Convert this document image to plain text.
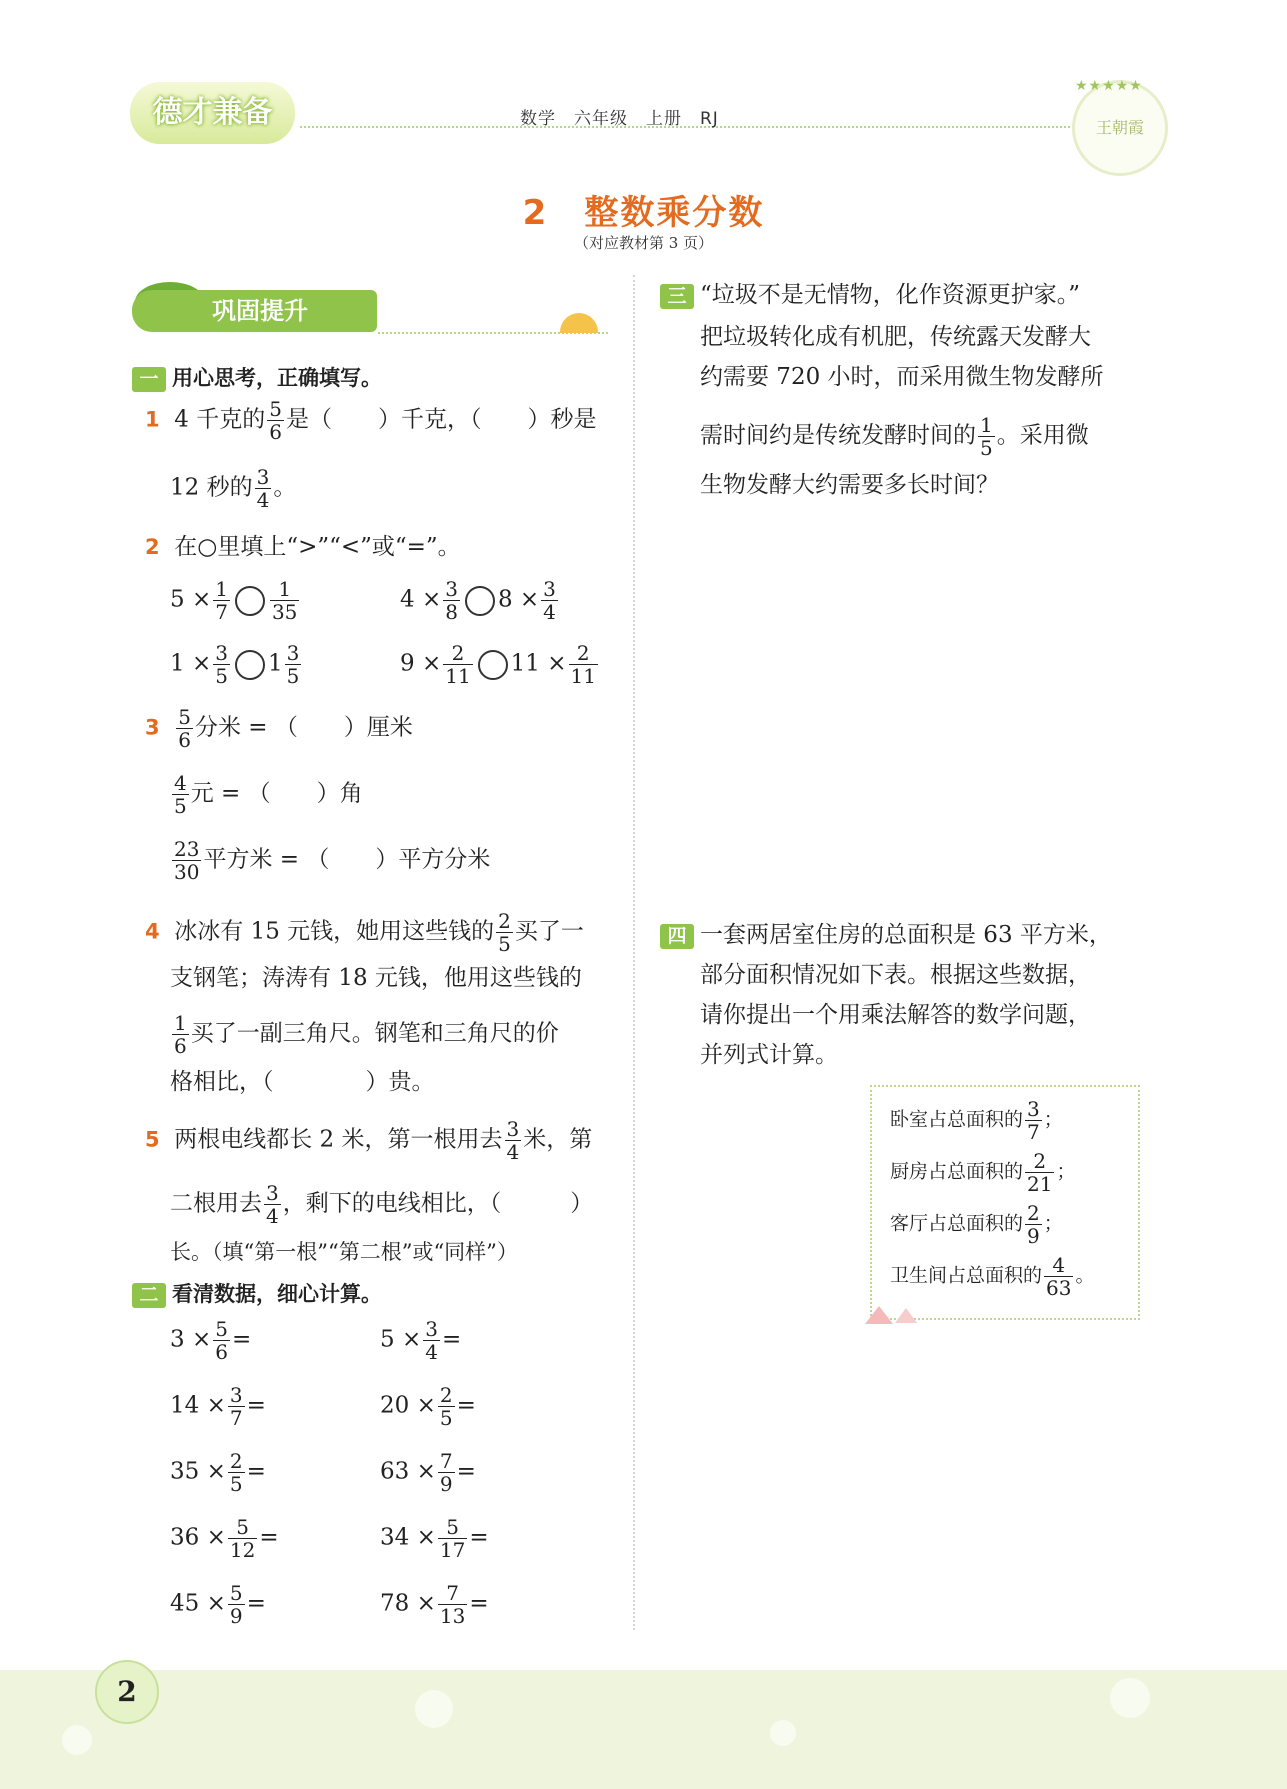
德才兼备	数学　六年级　上册　RJ	王朝霞
★★★★★
2　整数乘分数
（对应教材第 3 页）
巩固提升
一 用心思考，正确填写。
1 4 千克的 $\frac{5}{6}$ 是（　　）千克，（　　）秒是
12 秒的 $\frac{3}{4}$ 。
2 在○里填上“>”“<”或“=”。
$5 \times \frac{1}{7} \frac{1}{35}$	$4 \times \frac{3}{8} 8 \times \frac{3}{4}$
$1 \times \frac{3}{5} 1 \frac{3}{5}$	$9 \times \frac{2}{11} 11 \times \frac{2}{11}$
$3 \frac{5}{6}$ 分米 = （　　）厘米
$\frac{4}{5}$ 元 = （　　）角
$\frac{23}{30}$ 平方米 = （　　）平方分米
4 冰冰有 15 元钱，她用这些钱的 $\frac{2}{5}$ 买了一
支钢笔；涛涛有 18 元钱，他用这些钱的
$\frac{1}{6}$ 买了一副三角尺。钢笔和三角尺的价
格相比，（　　　　）贵。
5 两根电线都长 2 米，第一根用去 $\frac{3}{4}$ 米，第
二根用去 $\frac{3}{4}$ ，剩下的电线相比，（　　　）
长。（填“第一根”“第二根”或“同样”）
二 看清数据，细心计算。
$3 \times \frac{5}{6}$ =	$5 \times \frac{3}{4}$ =
$14 \times \frac{3}{7}$ =	$20 \times \frac{2}{5}$ =
$35 \times \frac{2}{5}$ =	$63 \times \frac{7}{9}$ =
$36 \times \frac{5}{12}$ =	$34 \times \frac{5}{17}$ =
$45 \times \frac{5}{9}$ =	$78 \times \frac{7}{13}$ =
三 “垃圾不是无情物，化作资源更护家。”
把垃圾转化成有机肥，传统露天发酵大
约需要 720 小时，而采用微生物发酵所
需时间约是传统发酵时间的 $\frac{1}{5}$ 。采用微
生物发酵大约需要多长时间？
四 一套两居室住房的总面积是 63 平方米，
部分面积情况如下表。根据这些数据，
请你提出一个用乘法解答的数学问题，
并列式计算。
卧室占总面积的 $\frac{3}{7}$ ；
厨房占总面积的 $\frac{2}{21}$ ；
客厅占总面积的 $\frac{2}{9}$ ；
卫生间占总面积的 $\frac{4}{63}$ 。
2
